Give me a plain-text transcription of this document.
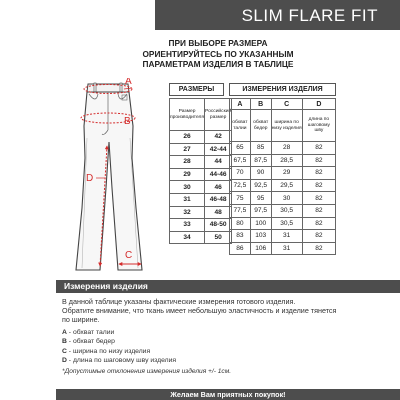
SLIM FLARE FIT
ПРИ ВЫБОРЕ РАЗМЕРА
ОРИЕНТИРУЙТЕСЬ ПО УКАЗАННЫМ
ПАРАМЕТРАМ ИЗДЕЛИЯ В ТАБЛИЦЕ
A
B
C
D
РАЗМЕРЫ	ИЗМЕРЕНИЯ ИЗДЕЛИЯ
Размер производителя	Российский размер
26	42
27	42-44
28	44
29	44-46
30	46
31	46-48
32	48
33	48-50
34	50
A	B	C	D
обхват талии	обхват бедер	ширина по низу изделия	длина по шаговому шву
65	85	28	82
67,5	87,5	28,5	82
70	90	29	82
72,5	92,5	29,5	82
75	95	30	82
77,5	97,5	30,5	82
80	100	30,5	82
83	103	31	82
86	106	31	82
Измерения изделия
В данной таблице указаны фактические измерения готового изделия.
Обратите внимание, что ткань имеет небольшую эластичность и изделие тянется
по ширине.
A - обхват талии
B - обхват бедер
C - ширина по низу изделия
D - длина по шаговому шву изделия
*Допустимые отклонения измерения изделия +/- 1см.
Желаем Вам приятных покупок!
